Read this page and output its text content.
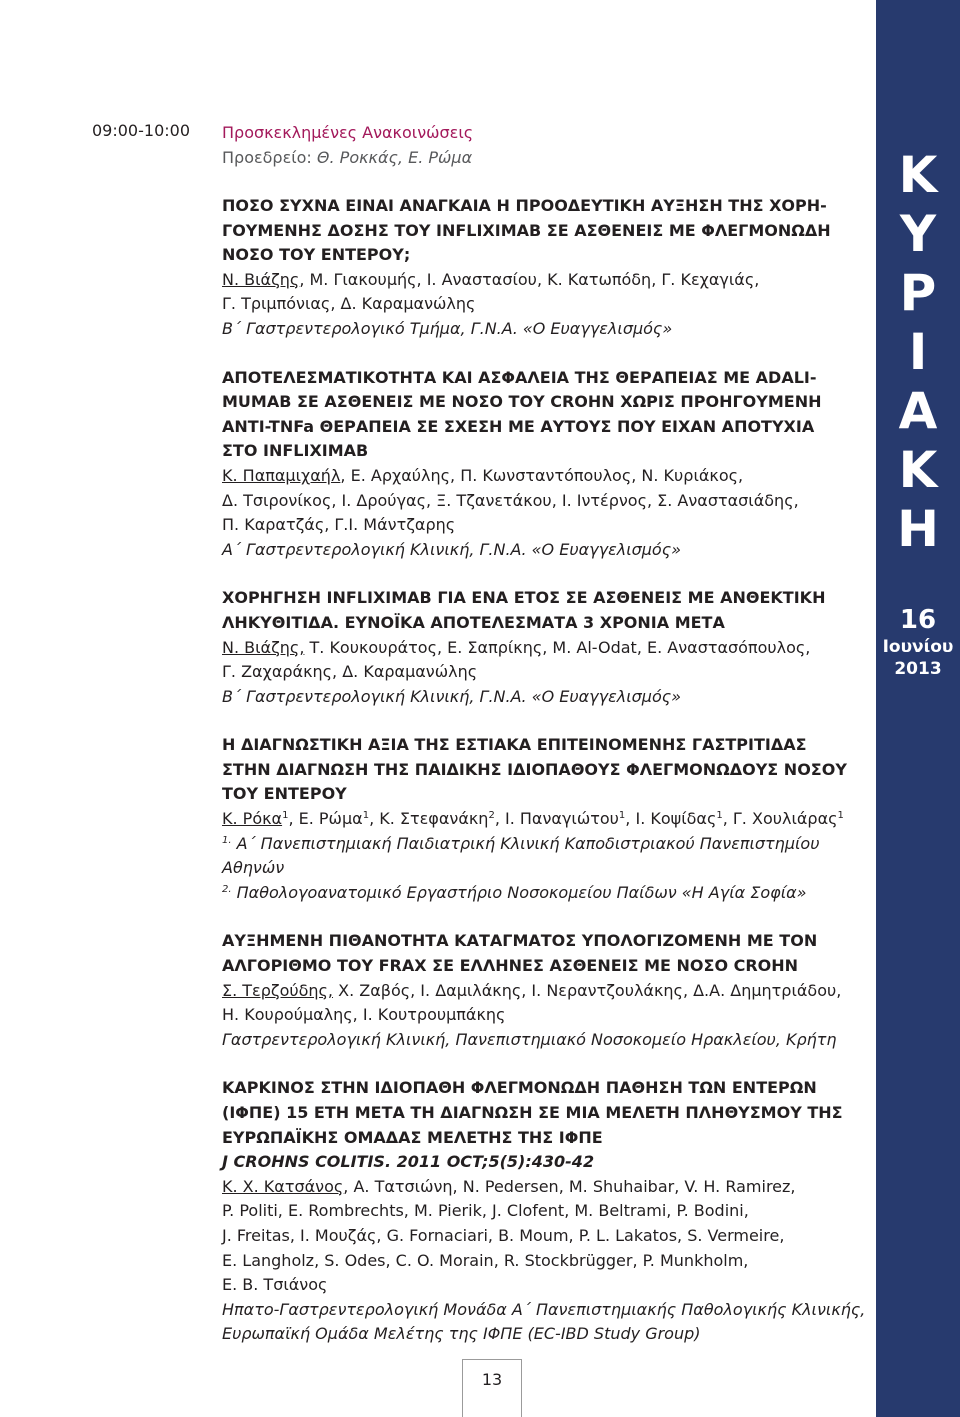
09:00-10:00 Προσκεκλημένες Ανακοινώσεις
Προεδρείο: Θ. Ροκκάς, Ε. Ρώμα
ΠΟΣΟ ΣΥΧΝΑ ΕΙΝΑΙ ΑΝΑΓΚΑΙΑ Η ΠΡΟΟΔΕΥΤΙΚΗ ΑΥΞΗΣΗ ΤΗΣ ΧΟΡΗ-
ΓΟΥΜΕΝΗΣ ΔΟΣΗΣ ΤΟΥ INFLIXIMAB ΣΕ ΑΣΘΕΝΕΙΣ ΜΕ ΦΛΕΓΜΟΝΩΔΗ
ΝΟΣΟ ΤΟΥ ΕΝΤΕΡΟΥ;
Ν. Βιάζης, Μ. Γιακουμής, Ι. Αναστασίου, Κ. Κατωπόδη, Γ. Κεχαγιάς,
Γ. Τριμπόνιας, Δ. Καραμανώλης
Β΄ Γαστρεντερολογικό Τμήμα, Γ.Ν.Α. «Ο Ευαγγελισμός»
ΑΠΟΤΕΛΕΣΜΑΤΙΚΟΤΗΤΑ ΚΑΙ ΑΣΦΑΛΕΙΑ ΤΗΣ ΘΕΡΑΠΕΙΑΣ ΜΕ ADALI-
MUMAB ΣΕ ΑΣΘΕΝΕΙΣ ΜΕ ΝΟΣΟ ΤΟΥ CROHN ΧΩΡΙΣ ΠΡΟΗΓΟΥΜΕΝΗ
ANTI-TNFa ΘΕΡΑΠΕΙΑ ΣΕ ΣΧΕΣΗ ΜΕ ΑΥΤΟΥΣ ΠΟΥ ΕΙΧΑΝ ΑΠΟΤΥΧΙΑ
ΣΤΟ INFLIXIMAB
Κ. Παπαμιχαήλ, Ε. Αρχαύλης, Π. Κωνσταντόπουλος, Ν. Κυριάκος,
Δ. Τσιρονίκος, Ι. Δρούγας, Ξ. Τζανετάκου, Ι. Ιντέρνος, Σ. Αναστασιάδης,
Π. Καρατζάς, Γ.Ι. Μάντζαρης
Α΄ Γαστρεντερολογική Κλινική, Γ.Ν.Α. «Ο Ευαγγελισμός»
ΧΟΡΗΓΗΣΗ INFLIXIMAB ΓΙΑ ΕΝΑ ΕΤΟΣ ΣΕ ΑΣΘΕΝΕΙΣ ΜΕ ΑΝΘΕΚΤΙΚΗ
ΛΗΚΥΘΙΤΙΔΑ. ΕΥΝΟΪΚΑ ΑΠΟΤΕΛΕΣΜΑΤΑ 3 ΧΡΟΝΙΑ ΜΕΤΑ
Ν. Βιάζης, Τ. Κουκουράτος, Ε. Σαπρίκης, Μ. Al-Odat, Ε. Αναστασόπουλος,
Γ. Ζαχαράκης, Δ. Καραμανώλης
Β΄ Γαστρεντερολογική Κλινική, Γ.Ν.Α. «Ο Ευαγγελισμός»
Η ΔΙΑΓΝΩΣΤΙΚΗ ΑΞΙΑ ΤΗΣ ΕΣΤΙΑΚΑ ΕΠΙΤΕΙΝΟΜΕΝΗΣ ΓΑΣΤΡΙΤΙΔΑΣ
ΣΤΗΝ ΔΙΑΓΝΩΣΗ ΤΗΣ ΠΑΙΔΙΚΗΣ ΙΔΙΟΠΑΘΟΥΣ ΦΛΕΓΜΟΝΩΔΟΥΣ ΝΟΣΟΥ
ΤΟΥ ΕΝΤΕΡΟΥ
Κ. Ρόκα$^1$, Ε. Ρώμα$^1$, Κ. Στεφανάκη$^2$, Ι. Παναγιώτου$^1$, Ι. Κοψίδας$^1$, Γ. Χουλιάρας$^1$
$^{1.}$ Α΄ Πανεπιστημιακή Παιδιατρική Κλινική Καποδιστριακού Πανεπιστημίου
Αθηνών
$^{2.}$ Παθολογοανατομικό Εργαστήριο Νοσοκομείου Παίδων «Η Αγία Σοφία»
ΑΥΞΗΜΕΝΗ ΠΙΘΑΝΟΤΗΤΑ ΚΑΤΑΓΜΑΤΟΣ ΥΠΟΛΟΓΙΖΟΜΕΝΗ ΜΕ ΤΟΝ
ΑΛΓΟΡΙΘΜΟ ΤΟΥ FRAX ΣΕ ΕΛΛΗΝΕΣ ΑΣΘΕΝΕΙΣ ΜΕ ΝΟΣΟ CROHN
Σ. Τερζούδης, Χ. Ζαβός, Ι. Δαμιλάκης, Ι. Νεραντζουλάκης, Δ.Α. Δημητριάδου,
Η. Κουρούμαλης, Ι. Κουτρουμπάκης
Γαστρεντερολογική Κλινική, Πανεπιστημιακό Νοσοκομείο Ηρακλείου, Κρήτη
ΚΑΡΚΙΝΟΣ ΣΤΗΝ ΙΔΙΟΠΑΘΗ ΦΛΕΓΜΟΝΩΔΗ ΠΑΘΗΣΗ ΤΩΝ ΕΝΤΕΡΩΝ
(ΙΦΠΕ) 15 ΕΤΗ ΜΕΤΑ ΤΗ ΔΙΑΓΝΩΣΗ ΣΕ ΜΙΑ ΜΕΛΕΤΗ ΠΛΗΘΥΣΜΟΥ ΤΗΣ
ΕΥΡΩΠΑΪΚΗΣ ΟΜΑΔΑΣ ΜΕΛΕΤΗΣ ΤΗΣ ΙΦΠΕ
J CROHNS COLITIS. 2011 OCT;5(5):430-42
Κ. Χ. Κατσάνος, Α. Τατσιώνη, Ν. Pedersen, M. Shuhaibar, V. H. Ramirez,
P. Politi, E. Rombrechts, M. Pierik, J. Clofent, M. Beltrami, P. Bodini,
J. Freitas, I. Μουζάς, G. Fornaciari, B. Moum, P. L. Lakatos, S. Vermeire,
E. Langholz, S. Odes, C. O. Morain, R. Stockbrügger, P. Munkholm,
Ε. Β. Τσιάνος
Ηπατο-Γαστρεντερολογική Μονάδα Α΄ Πανεπιστημιακής Παθολογικής Κλινικής,
Ευρωπαϊκή Ομάδα Μελέτης της ΙΦΠΕ (EC-IBD Study Group)
Κ
Υ
Ρ
Ι
Α
Κ
Η
16
Ιουνίου
2013
13
